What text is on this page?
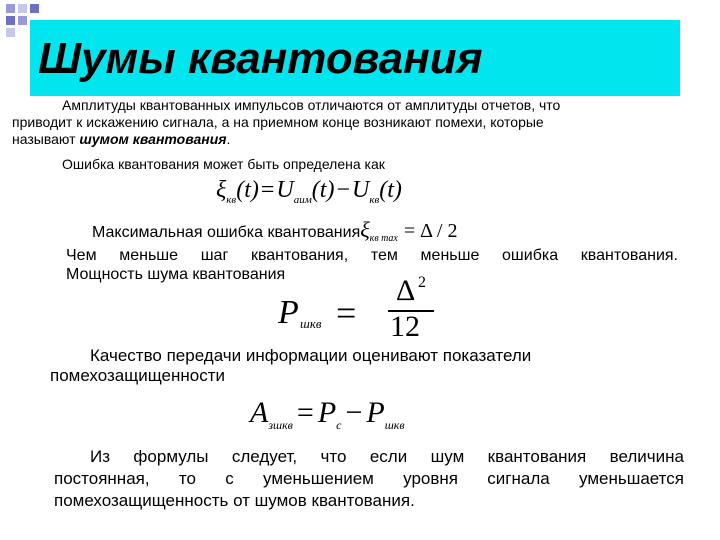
Шумы квантования
Амплитуды квантованных импульсов отличаются от амплитуды отчетов, что
приводит к искажению сигнала, а на приемном конце возникают помехи, которые
называют шумом квантования.
Ошибка квантования может быть определена как
$\xi_{кв}(t)=U_{аим}(t)-U_{кв}(t)$
Максимальная ошибка квантованияξ$_{кв max}$ = Δ / 2
Чем меньше шаг квантования, тем меньше ошибка квантования.
Мощность шума квантования
P шкв =
Δ 2
12
Качество передачи информации оценивают показатели
помехозащищенности
$A_{зшкв} = P_с - P_{шкв}$
Из формулы следует, что если шум квантования величина
постоянная, то с уменьшением уровня сигнала уменьшается
помехозащищенность от шумов квантования.
